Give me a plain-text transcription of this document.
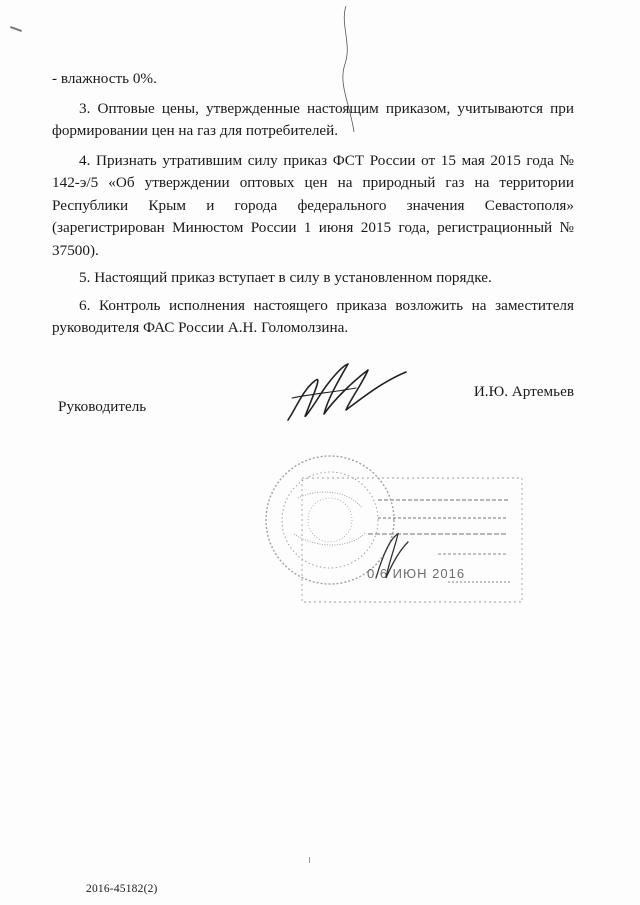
- влажность 0%.

3. Оптовые цены, утвержденные настоящим приказом, учитываются при формировании цен на газ для потребителей.

4. Признать утратившим силу приказ ФСТ России от 15 мая 2015 года № 142-э/5 «Об утверждении оптовых цен на природный газ на территории Республики Крым и города федерального значения Севастополя» (зарегистрирован Минюстом России 1 июня 2015 года, регистрационный № 37500).

5. Настоящий приказ вступает в силу в установленном порядке.

6. Контроль исполнения настоящего приказа возложить на заместителя руководителя ФАС России А.Н. Голомолзина.

Руководитель
И.Ю. Артемьев
0 6 ИЮН 2016
2016-45182(2)
